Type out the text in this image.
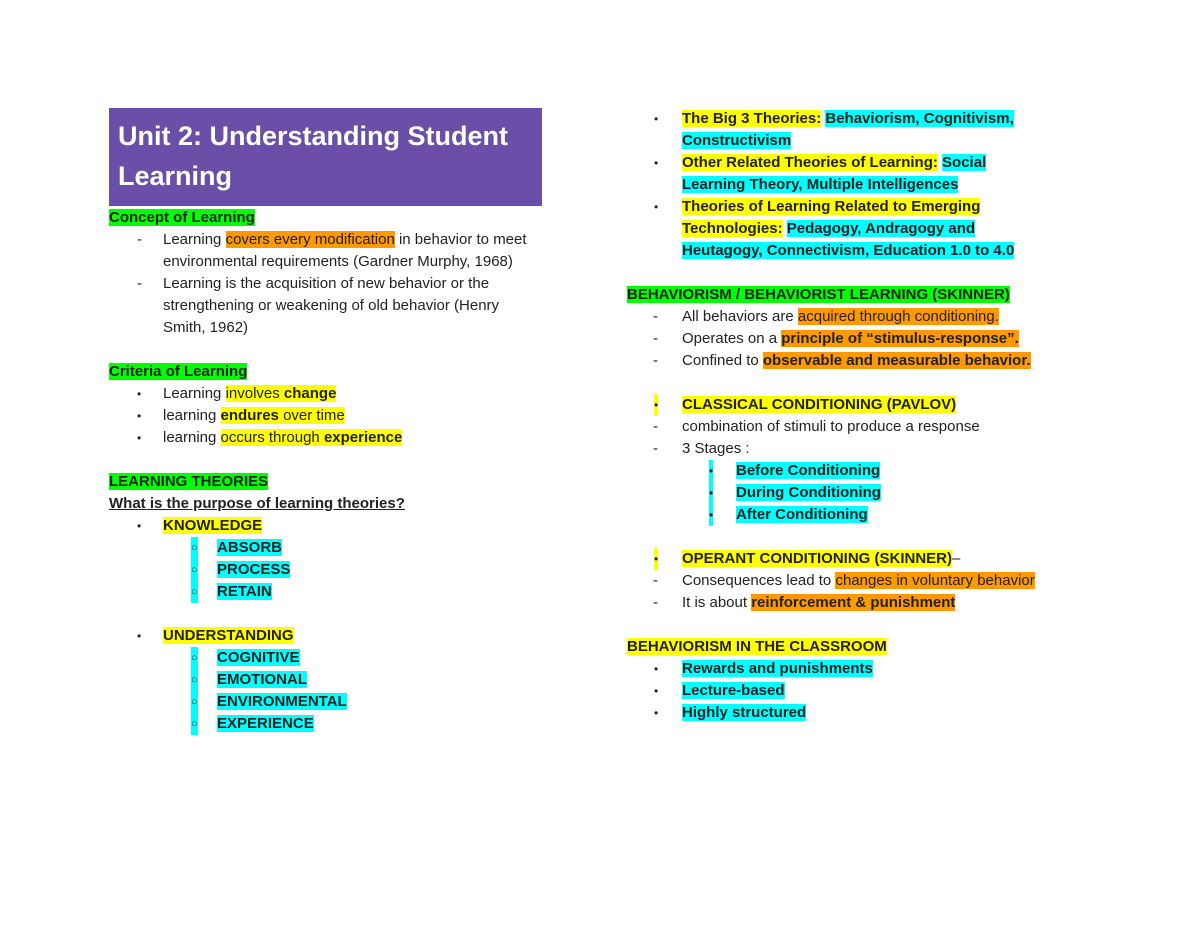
Unit 2: Understanding Student Learning
Concept of Learning
- Learning covers every modification in behavior to meet
environmental requirements (Gardner Murphy, 1968)
- Learning is the acquisition of new behavior or the
strengthening or weakening of old behavior (Henry
Smith, 1962)
Criteria of Learning
• Learning involves change
• learning endures over time
• learning occurs through experience
LEARNING THEORIES
What is the purpose of learning theories?
• KNOWLEDGE
○ ABSORB
○ PROCESS
○ RETAIN
• UNDERSTANDING
○ COGNITIVE
○ EMOTIONAL
○ ENVIRONMENTAL
○ EXPERIENCE
• The Big 3 Theories: Behaviorism, Cognitivism,
Constructivism
• Other Related Theories of Learning: Social
Learning Theory, Multiple Intelligences
• Theories of Learning Related to Emerging
Technologies: Pedagogy, Andragogy and
Heutagogy, Connectivism, Education 1.0 to 4.0
BEHAVIORISM / BEHAVIORIST LEARNING (SKINNER)
- All behaviors are acquired through conditioning.
- Operates on a principle of “stimulus-response”.
- Confined to observable and measurable behavior.
• CLASSICAL CONDITIONING (PAVLOV)
- combination of stimuli to produce a response
- 3 Stages :
• Before Conditioning
• During Conditioning
• After Conditioning
• OPERANT CONDITIONING (SKINNER)–
- Consequences lead to changes in voluntary behavior
- It is about reinforcement & punishment
BEHAVIORISM IN THE CLASSROOM
• Rewards and punishments
• Lecture-based
• Highly structured
